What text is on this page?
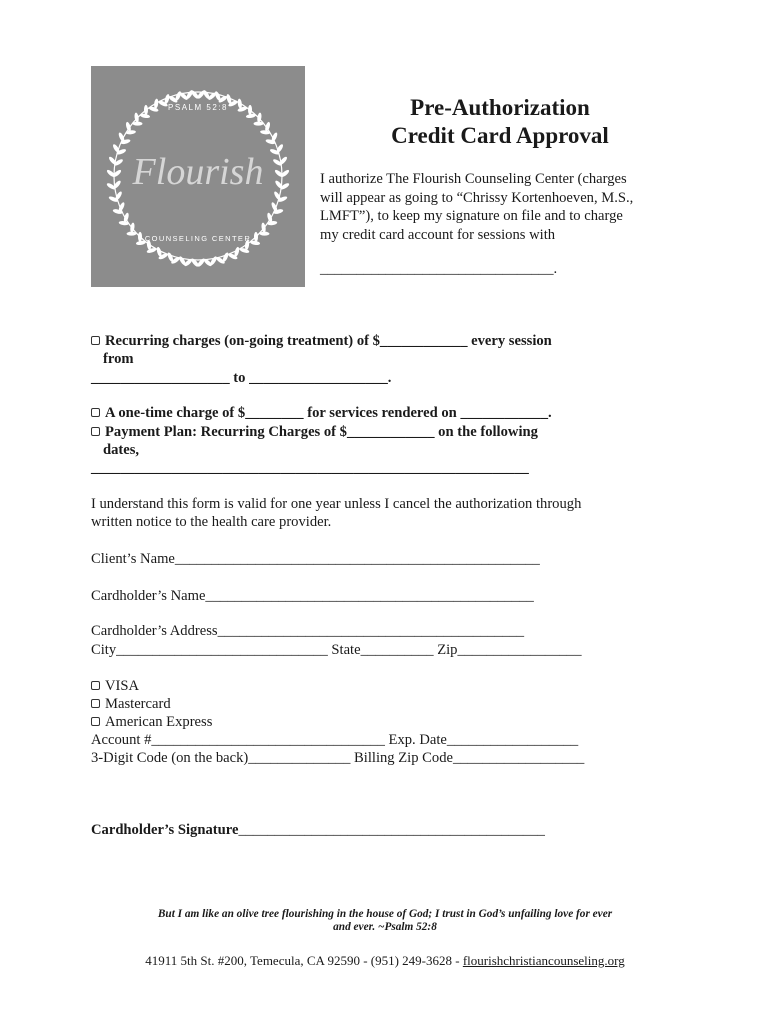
PSALM 52:8
Flourish
COUNSELING CENTER
Pre-Authorization
Credit Card Approval
I authorize The Flourish Counseling Center (charges
will appear as going to “Chrissy Kortenhoeven, M.S.,
LMFT”), to keep my signature on file and to charge
my credit card account for sessions with
________________________________.
Recurring charges (on-going treatment) of $____________ every session
from
___________________ to ___________________.
A one-time charge of $________ for services rendered on ____________.
Payment Plan: Recurring Charges of $____________ on the following
dates,
____________________________________________________________
I understand this form is valid for one year unless I cancel the authorization through
written notice to the health care provider.
Client’s Name__________________________________________________
Cardholder’s Name_____________________________________________
Cardholder’s Address__________________________________________
City_____________________________ State__________ Zip_________________
VISA
Mastercard
American Express
Account #________________________________ Exp. Date__________________
3-Digit Code (on the back)______________ Billing Zip Code__________________
Cardholder’s Signature__________________________________________
But I am like an olive tree flourishing in the house of God; I trust in God’s unfailing love for ever
and ever. ~Psalm 52:8
41911 5th St. #200, Temecula, CA 92590 - (951) 249-3628 - flourishchristiancounseling.org
